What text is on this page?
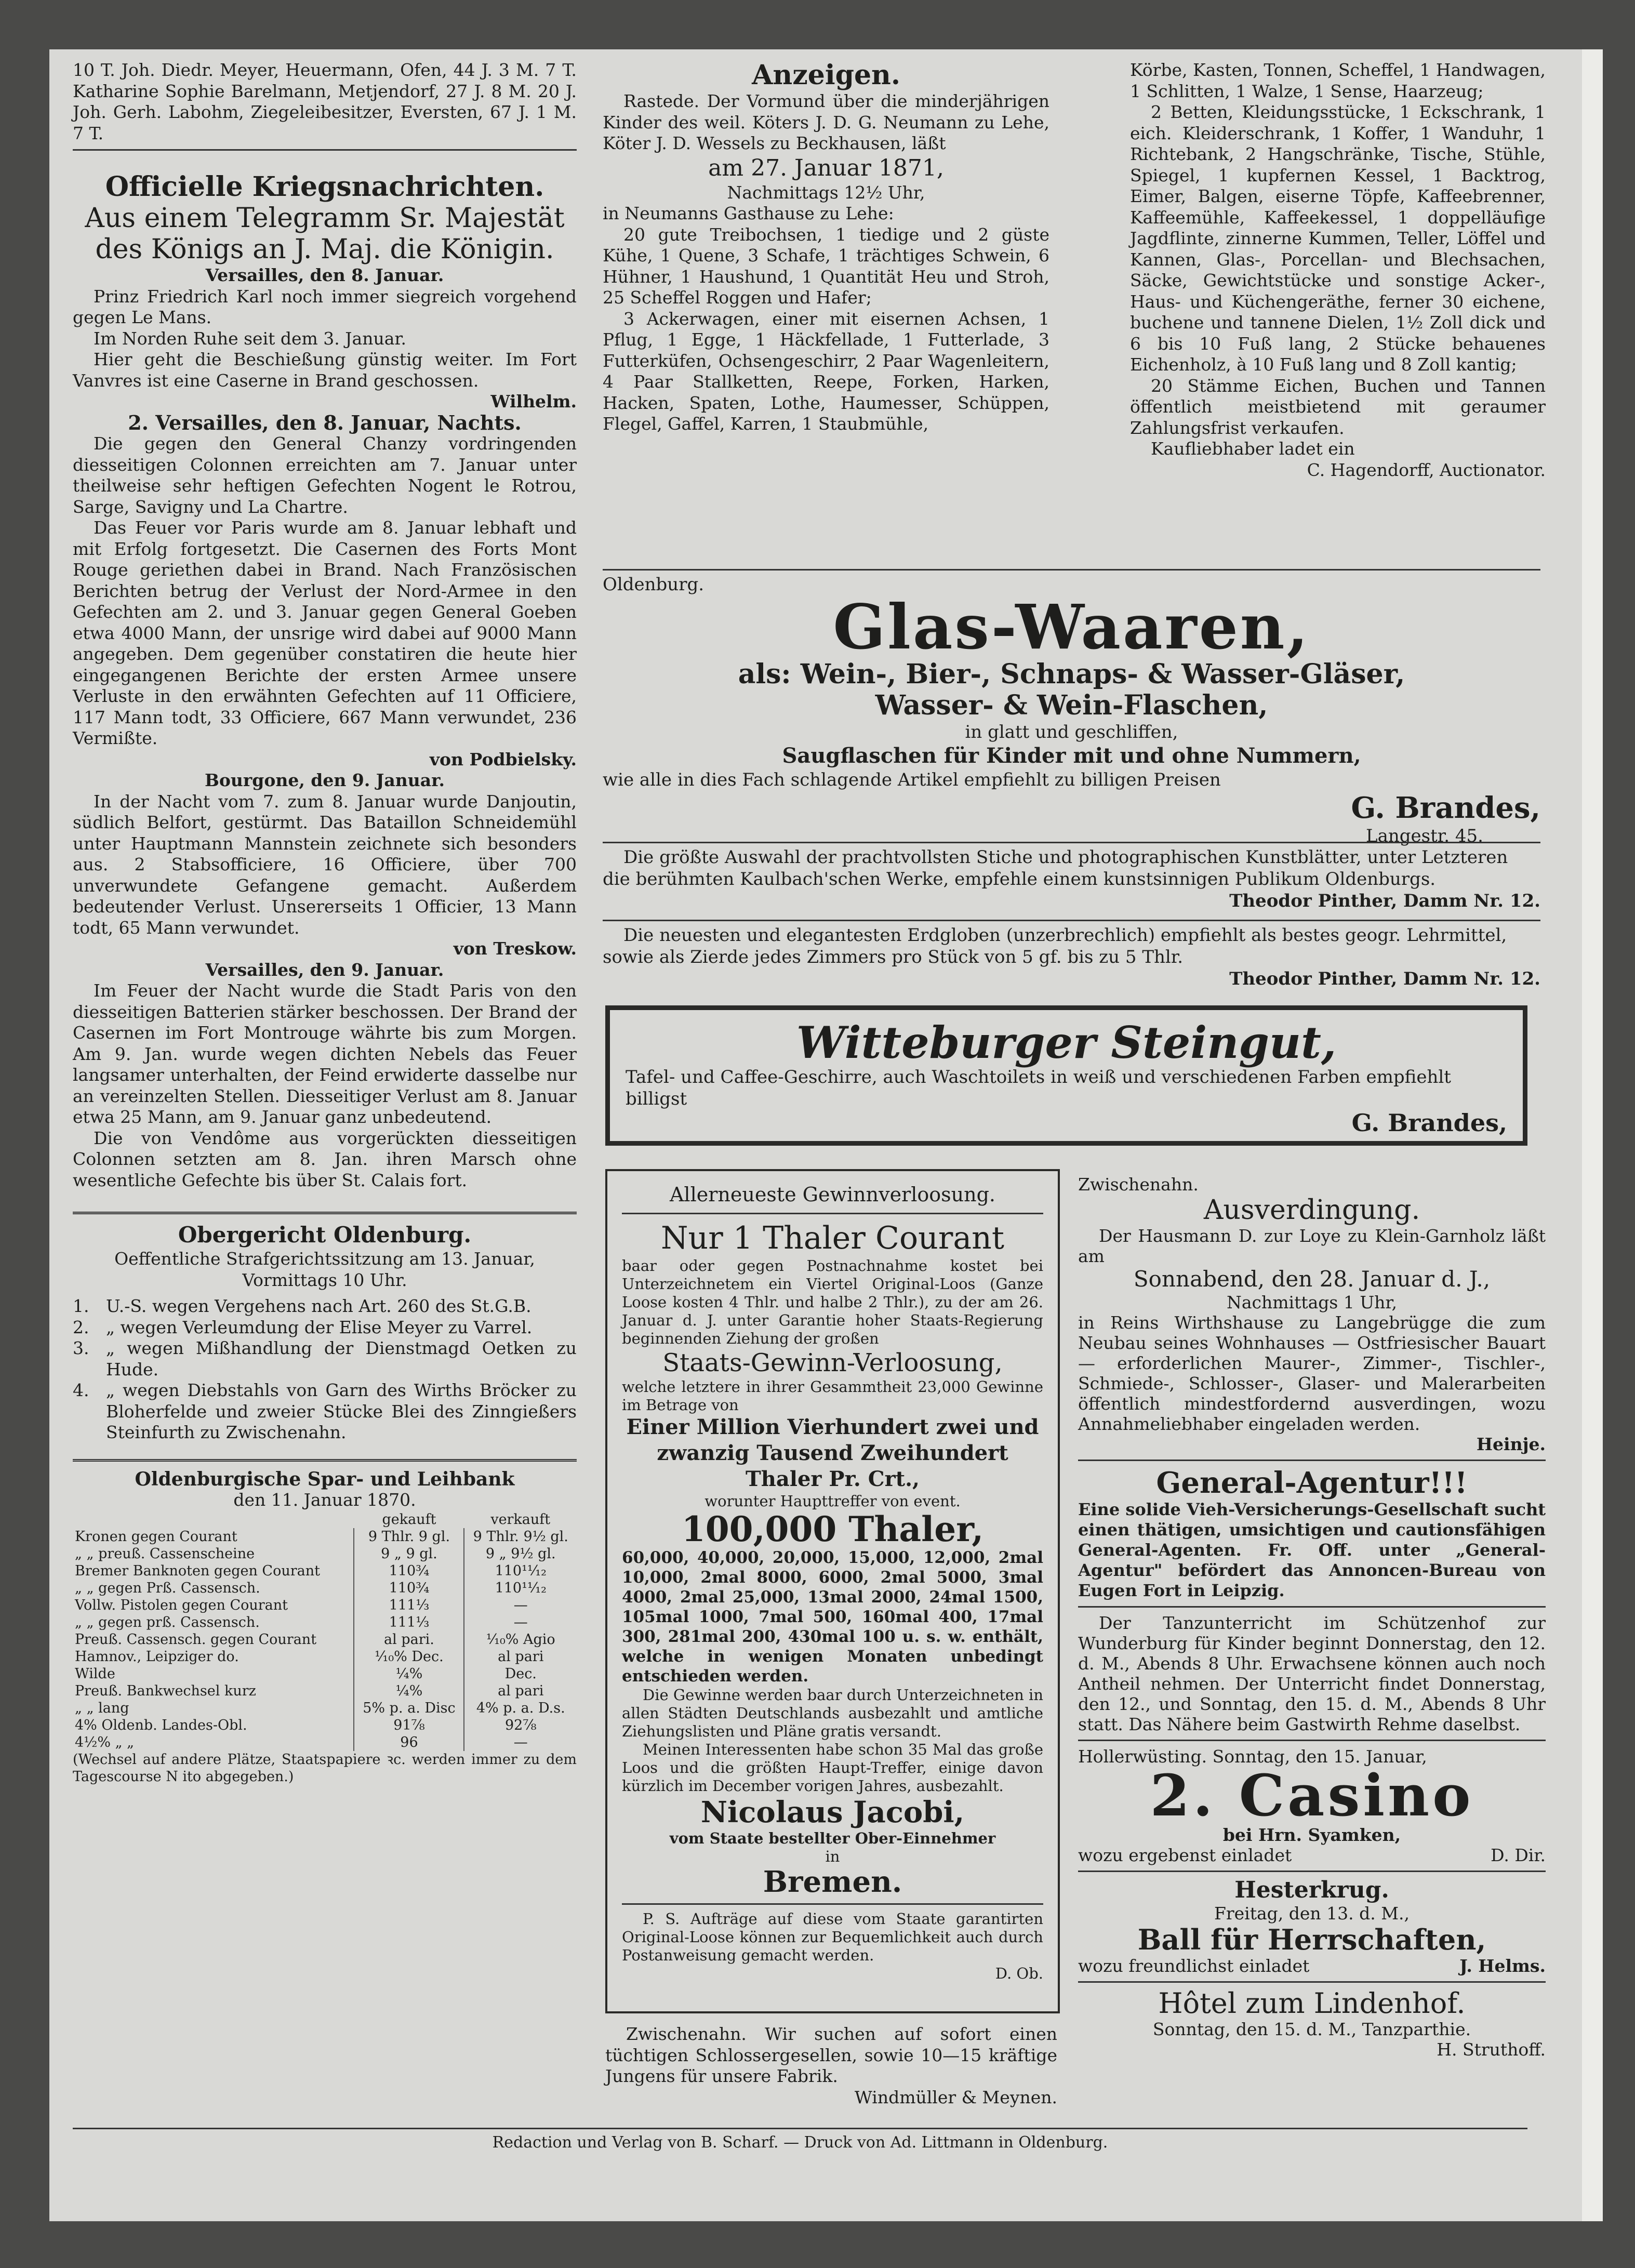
10 T. Joh. Diedr. Meyer, Heuermann, Ofen, 44 J. 3 M. 7 T. Katharine Sophie Barelmann, Metjendorf, 27 J. 8 M. 20 J. Joh. Gerh. Labohm, Ziegeleibesitzer, Eversten, 67 J. 1 M. 7 T.

Officielle Kriegsnachrichten.

Aus einem Telegramm Sr. Majestät des Königs an J. Maj. die Königin.

Versailles, den 8. Januar.

Prinz Friedrich Karl noch immer siegreich vorgehend gegen Le Mans.

Im Norden Ruhe seit dem 3. Januar.

Hier geht die Beschießung günstig weiter. Im Fort Vanvres ist eine Caserne in Brand geschossen.

Wilhelm.

2. Versailles, den 8. Januar, Nachts.

Die gegen den General Chanzy vordringenden diesseitigen Colonnen erreichten am 7. Januar unter theilweise sehr heftigen Gefechten Nogent le Rotrou, Sarge, Savigny und La Chartre.

Das Feuer vor Paris wurde am 8. Januar lebhaft und mit Erfolg fortgesetzt. Die Casernen des Forts Mont Rouge geriethen dabei in Brand. Nach Französischen Berichten betrug der Verlust der Nord-Armee in den Gefechten am 2. und 3. Januar gegen General Goeben etwa 4000 Mann, der unsrige wird dabei auf 9000 Mann angegeben. Dem gegenüber constatiren die heute hier eingegangenen Berichte der ersten Armee unsere Verluste in den erwähnten Gefechten auf 11 Officiere, 117 Mann todt, 33 Officiere, 667 Mann verwundet, 236 Vermißte.

von Podbielsky.

Bourgone, den 9. Januar.

In der Nacht vom 7. zum 8. Januar wurde Danjoutin, südlich Belfort, gestürmt. Das Bataillon Schneidemühl unter Hauptmann Mannstein zeichnete sich besonders aus. 2 Stabsofficiere, 16 Officiere, über 700 unverwundete Gefangene gemacht. Außerdem bedeutender Verlust. Unsererseits 1 Officier, 13 Mann todt, 65 Mann verwundet.

von Treskow.

Versailles, den 9. Januar.

Im Feuer der Nacht wurde die Stadt Paris von den diesseitigen Batterien stärker beschossen. Der Brand der Casernen im Fort Montrouge währte bis zum Morgen. Am 9. Jan. wurde wegen dichten Nebels das Feuer langsamer unterhalten, der Feind erwiderte dasselbe nur an vereinzelten Stellen. Diesseitiger Verlust am 8. Januar etwa 25 Mann, am 9. Januar ganz unbedeutend.

Die von Vendôme aus vorgerückten diesseitigen Colonnen setzten am 8. Jan. ihren Marsch ohne wesentliche Gefechte bis über St. Calais fort.

Obergericht Oldenburg.

Oeffentliche Strafgerichtssitzung am 13. Januar, Vormittags 10 Uhr.

1. U.-S. wegen Vergehens nach Art. 260 des St.G.B.
2. „ wegen Verleumdung der Elise Meyer zu Varrel.
3. „ wegen Mißhandlung der Dienstmagd Oetken zu Hude.
4. „ wegen Diebstahls von Garn des Wirths Bröcker zu Bloherfelde und zweier Stücke Blei des Zinngießers Steinfurth zu Zwischenahn.

Oldenburgische Spar- und Leihbank

den 11. Januar 1870.

	gekauft	verkauft
Kronen gegen Courant	9 Thlr. 9 gl.	9 Thlr. 9½ gl.
„ „ preuß. Cassenscheine	9 „ 9 gl.	9 „ 9½ gl.
Bremer Banknoten gegen Courant	110¾	110¹¹⁄₁₂
„ „ gegen Prß. Cassensch.	110¾	110¹¹⁄₁₂
Vollw. Pistolen gegen Courant	111⅓	—
„ „ gegen prß. Cassensch.	111⅓	—
Preuß. Cassensch. gegen Courant	al pari.	¹⁄₁₀% Agio
Hamnov., Leipziger do.	¹⁄₁₀% Dec.	al pari
Wilde	¼%	Dec.
Preuß. Bankwechsel kurz	¼%	al pari
„ „ lang	5% p. a. Disc	4% p. a. D.s.
4% Oldenb. Landes-Obl.	91⅞	92⅞
4½% „ „	96	—

(Wechsel auf andere Plätze, Staatspapiere ꝛc. werden immer zu dem Tagescourse N ito abgegeben.)

Anzeigen.

Rastede. Der Vormund über die minderjährigen Kinder des weil. Köters J. D. G. Neumann zu Lehe, Köter J. D. Wessels zu Beckhausen, läßt

am 27. Januar 1871,

Nachmittags 12½ Uhr,

in Neumanns Gasthause zu Lehe:

20 gute Treibochsen, 1 tiedige und 2 güste Kühe, 1 Quene, 3 Schafe, 1 trächtiges Schwein, 6 Hühner, 1 Haushund, 1 Quantität Heu und Stroh, 25 Scheffel Roggen und Hafer;

3 Ackerwagen, einer mit eisernen Achsen, 1 Pflug, 1 Egge, 1 Häckfellade, 1 Futterlade, 3 Futterküfen, Ochsengeschirr, 2 Paar Wagenleitern, 4 Paar Stallketten, Reepe, Forken, Harken, Hacken, Spaten, Lothe, Haumesser, Schüppen, Flegel, Gaffel, Karren, 1 Staubmühle,

Körbe, Kasten, Tonnen, Scheffel, 1 Handwagen, 1 Schlitten, 1 Walze, 1 Sense, Haarzeug;

2 Betten, Kleidungsstücke, 1 Eckschrank, 1 eich. Kleiderschrank, 1 Koffer, 1 Wanduhr, 1 Richtebank, 2 Hangschränke, Tische, Stühle, Spiegel, 1 kupfernen Kessel, 1 Backtrog, Eimer, Balgen, eiserne Töpfe, Kaffeebrenner, Kaffeemühle, Kaffeekessel, 1 doppelläufige Jagdflinte, zinnerne Kummen, Teller, Löffel und Kannen, Glas-, Porcellan- und Blechsachen, Säcke, Gewichtstücke und sonstige Acker-, Haus- und Küchengeräthe, ferner 30 eichene, buchene und tannene Dielen, 1½ Zoll dick und 6 bis 10 Fuß lang, 2 Stücke behauenes Eichenholz, à 10 Fuß lang und 8 Zoll kantig;

20 Stämme Eichen, Buchen und Tannen öffentlich meistbietend mit geraumer Zahlungsfrist verkaufen.

Kaufliebhaber ladet ein

C. Hagendorff, Auctionator.

Oldenburg.

Glas-Waaren,

als: Wein-, Bier-, Schnaps- & Wasser-Gläser,

Wasser- & Wein-Flaschen,

in glatt und geschliffen,

Saugflaschen für Kinder mit und ohne Nummern,

wie alle in dies Fach schlagende Artikel empfiehlt zu billigen Preisen

G. Brandes,

Langestr. 45.

Die größte Auswahl der prachtvollsten Stiche und photographischen Kunstblätter, unter Letzteren die berühmten Kaulbach'schen Werke, empfehle einem kunstsinnigen Publikum Oldenburgs.

Theodor Pinther, Damm Nr. 12.

Die neuesten und elegantesten Erdgloben (unzerbrechlich) empfiehlt als bestes geogr. Lehrmittel, sowie als Zierde jedes Zimmers pro Stück von 5 gf. bis zu 5 Thlr.

Theodor Pinther, Damm Nr. 12.

Witteburger Steingut,

Tafel- und Caffee-Geschirre, auch Waschtoilets in weiß und verschiedenen Farben empfiehlt billigst

G. Brandes,

Allerneueste Gewinnverloosung.

Nur 1 Thaler Courant

baar oder gegen Postnachnahme kostet bei Unterzeichnetem ein Viertel Original-Loos (Ganze Loose kosten 4 Thlr. und halbe 2 Thlr.), zu der am 26. Januar d. J. unter Garantie hoher Staats-Regierung beginnenden Ziehung der großen

Staats-Gewinn-Verloosung,

welche letztere in ihrer Gesammtheit 23,000 Gewinne im Betrage von

Einer Million Vierhundert zwei und zwanzig Tausend Zweihundert Thaler Pr. Crt.,

worunter Haupttreffer von event.

100,000 Thaler,

60,000, 40,000, 20,000, 15,000, 12,000, 2mal 10,000, 2mal 8000, 6000, 2mal 5000, 3mal 4000, 2mal 25,000, 13mal 2000, 24mal 1500, 105mal 1000, 7mal 500, 160mal 400, 17mal 300, 281mal 200, 430mal 100 u. s. w. enthält, welche in wenigen Monaten unbedingt entschieden werden.

Die Gewinne werden baar durch Unterzeichneten in allen Städten Deutschlands ausbezahlt und amtliche Ziehungslisten und Pläne gratis versandt.

Meinen Interessenten habe schon 35 Mal das große Loos und die größten Haupt-Treffer, einige davon kürzlich im December vorigen Jahres, ausbezahlt.

Nicolaus Jacobi,

vom Staate bestellter Ober-Einnehmer

in

Bremen.

P. S. Aufträge auf diese vom Staate garantirten Original-Loose können zur Bequemlichkeit auch durch Postanweisung gemacht werden.

D. Ob.

Zwischenahn. Wir suchen auf sofort einen tüchtigen Schlossergesellen, sowie 10—15 kräftige Jungens für unsere Fabrik.

Windmüller & Meynen.

Zwischenahn.

Ausverdingung.

Der Hausmann D. zur Loye zu Klein-Garnholz läßt am

Sonnabend, den 28. Januar d. J.,

Nachmittags 1 Uhr,

in Reins Wirthshause zu Langebrügge die zum Neubau seines Wohnhauses — Ostfriesischer Bauart — erforderlichen Maurer-, Zimmer-, Tischler-, Schmiede-, Schlosser-, Glaser- und Malerarbeiten öffentlich mindestfordernd ausverdingen, wozu Annahmeliebhaber eingeladen werden.

Heinje.

General-Agentur!!!

Eine solide Vieh-Versicherungs-Gesellschaft sucht einen thätigen, umsichtigen und cautionsfähigen General-Agenten. Fr. Off. unter „General-Agentur" befördert das Annoncen-Bureau von Eugen Fort in Leipzig.

Der Tanzunterricht im Schützenhof zur Wunderburg für Kinder beginnt Donnerstag, den 12. d. M., Abends 8 Uhr. Erwachsene können auch noch Antheil nehmen. Der Unterricht findet Donnerstag, den 12., und Sonntag, den 15. d. M., Abends 8 Uhr statt. Das Nähere beim Gastwirth Rehme daselbst.

Hollerwüsting. Sonntag, den 15. Januar,

2. Casino

bei Hrn. Syamken,

wozu ergebenst einladet	D. Dir.

Hesterkrug.

Freitag, den 13. d. M.,

Ball für Herrschaften,

wozu freundlichst einladet	J. Helms.

Hôtel zum Lindenhof.

Sonntag, den 15. d. M., Tanzparthie.

H. Struthoff.

Redaction und Verlag von B. Scharf. — Druck von Ad. Littmann in Oldenburg.
